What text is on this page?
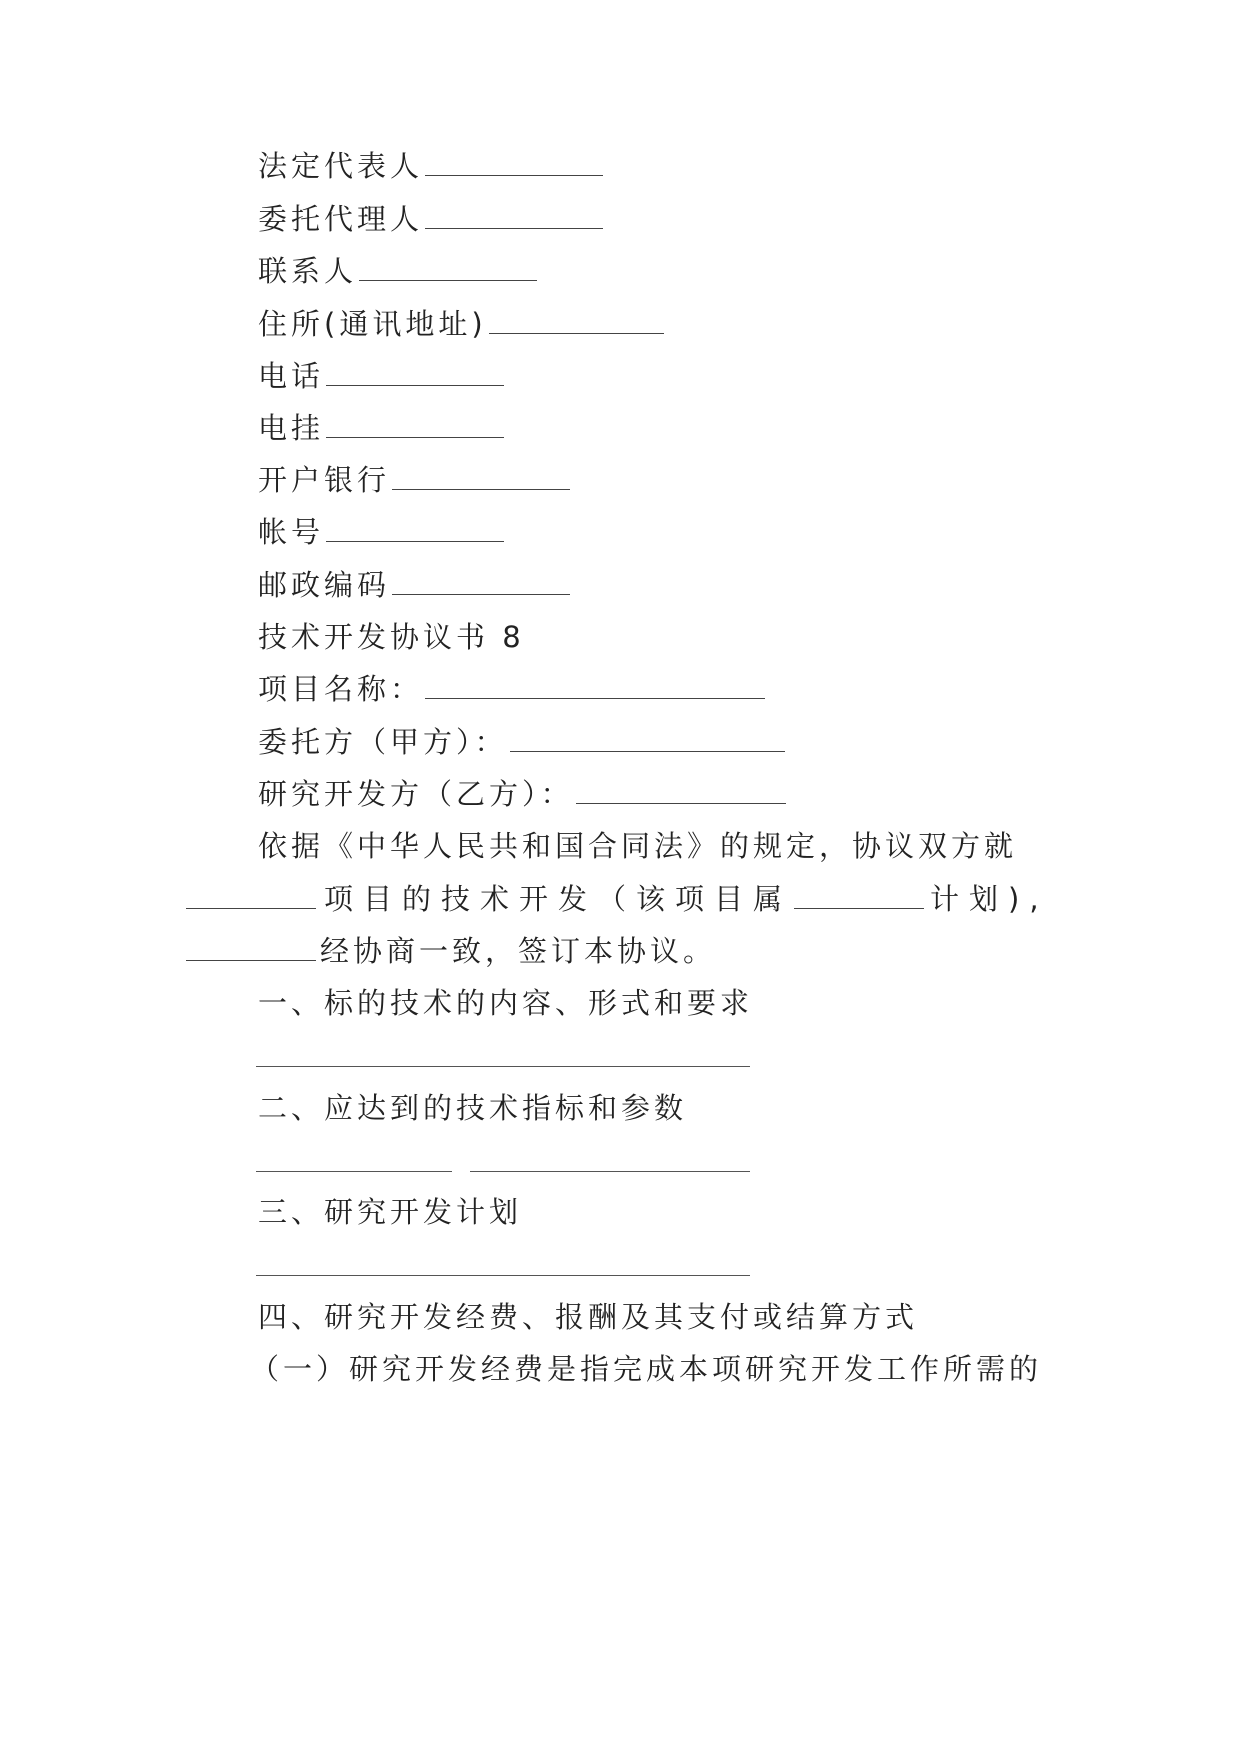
法定代表人
委托代理人
联系人
住所(通讯地址)
电话
电挂
开户银行
帐号
邮政编码
技术开发协议书 8
项目名称：
委托方（甲方）：
研究开发方（乙方）：
依据《中华人民共和国合同法》的规定，协议双方就
项目的技术开发（该项目属	计划),
经协商一致，签订本协议。
一、标的技术的内容、形式和要求
二、应达到的技术指标和参数
三、研究开发计划
四、研究开发经费、报酬及其支付或结算方式
（一）研究开发经费是指完成本项研究开发工作所需的
